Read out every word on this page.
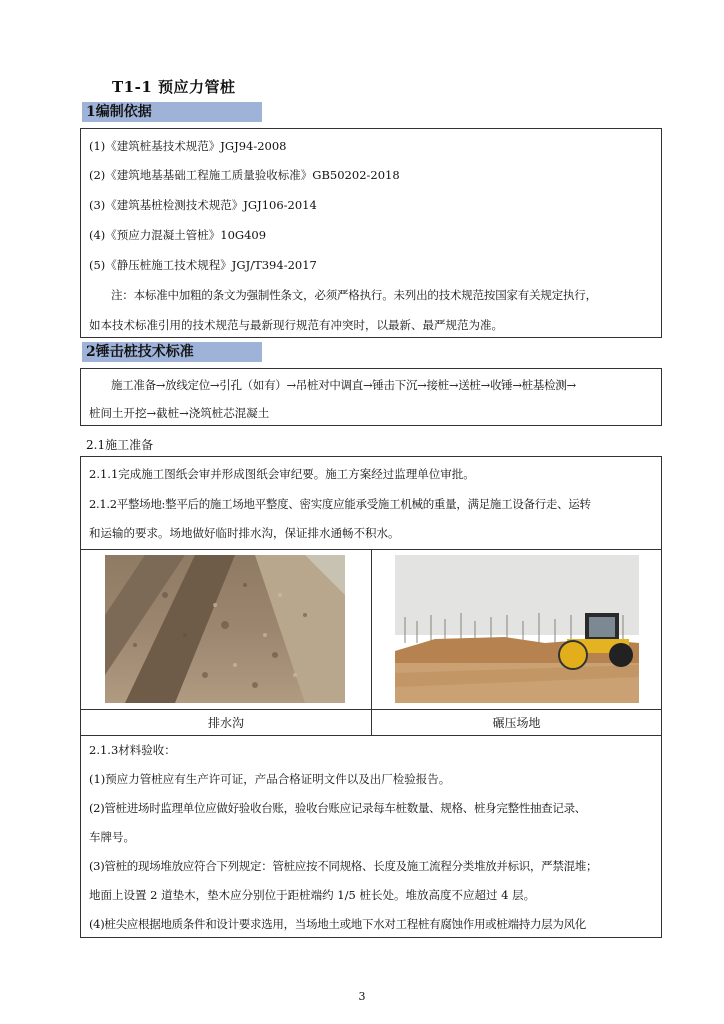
T1-1 预应力管桩
1编制依据
(1)《建筑桩基技术规范》JGJ94-2008
(2)《建筑地基基础工程施工质量验收标准》GB50202-2018
(3)《建筑基桩检测技术规范》JGJ106-2014
(4)《预应力混凝土管桩》10G409
(5)《静压桩施工技术规程》JGJ/T394-2017
注：本标准中加粗的条文为强制性条文，必须严格执行。未列出的技术规范按国家有关规定执行，
如本技术标准引用的技术规范与最新现行规范有冲突时，以最新、最严规范为准。
2锤击桩技术标准
施工准备→放线定位→引孔（如有）→吊桩对中调直→锤击下沉→接桩→送桩→收锤→桩基检测→
桩间土开挖→截桩→浇筑桩芯混凝土
2.1施工准备
2.1.1完成施工图纸会审并形成图纸会审纪要。施工方案经过监理单位审批。
2.1.2平整场地:整平后的施工场地平整度、密实度应能承受施工机械的重量，满足施工设备行走、运转
和运输的要求。场地做好临时排水沟，保证排水通畅不积水。
排水沟	碾压场地
2.1.3材料验收：
(1)预应力管桩应有生产许可证，产品合格证明文件以及出厂检验报告。
(2)管桩进场时监理单位应做好验收台账，验收台账应记录每车桩数量、规格、桩身完整性抽查记录、
车牌号。
(3)管桩的现场堆放应符合下列规定：管桩应按不同规格、长度及施工流程分类堆放并标识，严禁混堆；
地面上设置 2 道垫木，垫木应分别位于距桩端约 1/5 桩长处。堆放高度不应超过 4 层。
(4)桩尖应根据地质条件和设计要求选用，当场地土或地下水对工程桩有腐蚀作用或桩端持力层为风化
3
